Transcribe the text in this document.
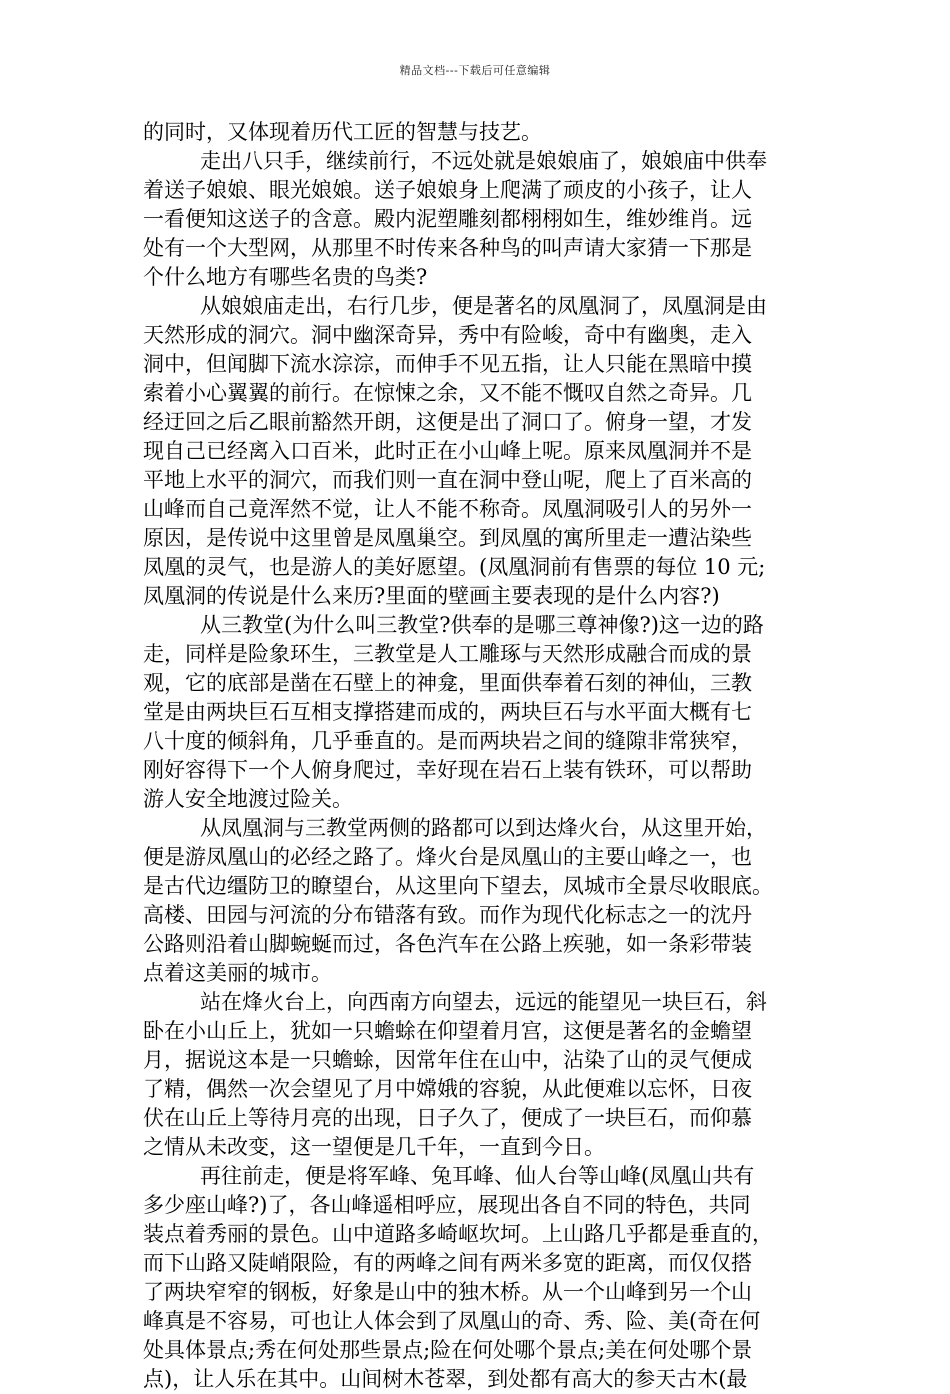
精品文档---下载后可任意编辑
的同时，又体现着历代工匠的智慧与技艺。
走出八只手，继续前行，不远处就是娘娘庙了，娘娘庙中供奉
着送子娘娘、眼光娘娘。送子娘娘身上爬满了顽皮的小孩子，让人
一看便知这送子的含意。殿内泥塑雕刻都栩栩如生，维妙维肖。远
处有一个大型网，从那里不时传来各种鸟的叫声请大家猜一下那是
个什么地方有哪些名贵的鸟类?
从娘娘庙走出，右行几步，便是著名的凤凰洞了，凤凰洞是由
天然形成的洞穴。洞中幽深奇异，秀中有险峻，奇中有幽奥，走入
洞中，但闻脚下流水淙淙，而伸手不见五指，让人只能在黑暗中摸
索着小心翼翼的前行。在惊悚之余，又不能不慨叹自然之奇异。几
经迂回之后乙眼前豁然开朗，这便是出了洞口了。俯身一望，才发
现自己已经离入口百米，此时正在小山峰上呢。原来凤凰洞并不是
平地上水平的洞穴，而我们则一直在洞中登山呢，爬上了百米高的
山峰而自己竟浑然不觉，让人不能不称奇。凤凰洞吸引人的另外一
原因，是传说中这里曾是凤凰巢空。到凤凰的寓所里走一遭沾染些
凤凰的灵气，也是游人的美好愿望。(凤凰洞前有售票的每位 10 元;
凤凰洞的传说是什么来历?里面的壁画主要表现的是什么内容?)
从三教堂(为什么叫三教堂?供奉的是哪三尊神像?)这一边的路
走，同样是险象环生，三教堂是人工雕琢与天然形成融合而成的景
观，它的底部是凿在石壁上的神龛，里面供奉着石刻的神仙，三教
堂是由两块巨石互相支撑搭建而成的，两块巨石与水平面大概有七
八十度的倾斜角，几乎垂直的。是而两块岩之间的缝隙非常狭窄，
刚好容得下一个人俯身爬过，幸好现在岩石上装有铁环，可以帮助
游人安全地渡过险关。
从凤凰洞与三教堂两侧的路都可以到达烽火台，从这里开始，
便是游凤凰山的必经之路了。烽火台是凤凰山的主要山峰之一，也
是古代边缰防卫的瞭望台，从这里向下望去，凤城市全景尽收眼底。
高楼、田园与河流的分布错落有致。而作为现代化标志之一的沈丹
公路则沿着山脚蜿蜒而过，各色汽车在公路上疾驰，如一条彩带装
点着这美丽的城市。
站在烽火台上，向西南方向望去，远远的能望见一块巨石，斜
卧在小山丘上，犹如一只蟾蜍在仰望着月宫，这便是著名的金蟾望
月，据说这本是一只蟾蜍，因常年住在山中，沾染了山的灵气便成
了精，偶然一次会望见了月中嫦娥的容貌，从此便难以忘怀，日夜
伏在山丘上等待月亮的出现，日子久了，便成了一块巨石，而仰慕
之情从未改变，这一望便是几千年，一直到今日。
再往前走，便是将军峰、兔耳峰、仙人台等山峰(凤凰山共有
多少座山峰?)了，各山峰遥相呼应，展现出各自不同的特色，共同
装点着秀丽的景色。山中道路多崎岖坎坷。上山路几乎都是垂直的，
而下山路又陡峭限险，有的两峰之间有两米多宽的距离，而仅仅搭
了两块窄窄的钢板，好象是山中的独木桥。从一个山峰到另一个山
峰真是不容易，可也让人体会到了凤凰山的奇、秀、险、美(奇在何
处具体景点;秀在何处那些景点;险在何处哪个景点;美在何处哪个景
点)，让人乐在其中。山间树木苍翠，到处都有高大的参天古木(最
